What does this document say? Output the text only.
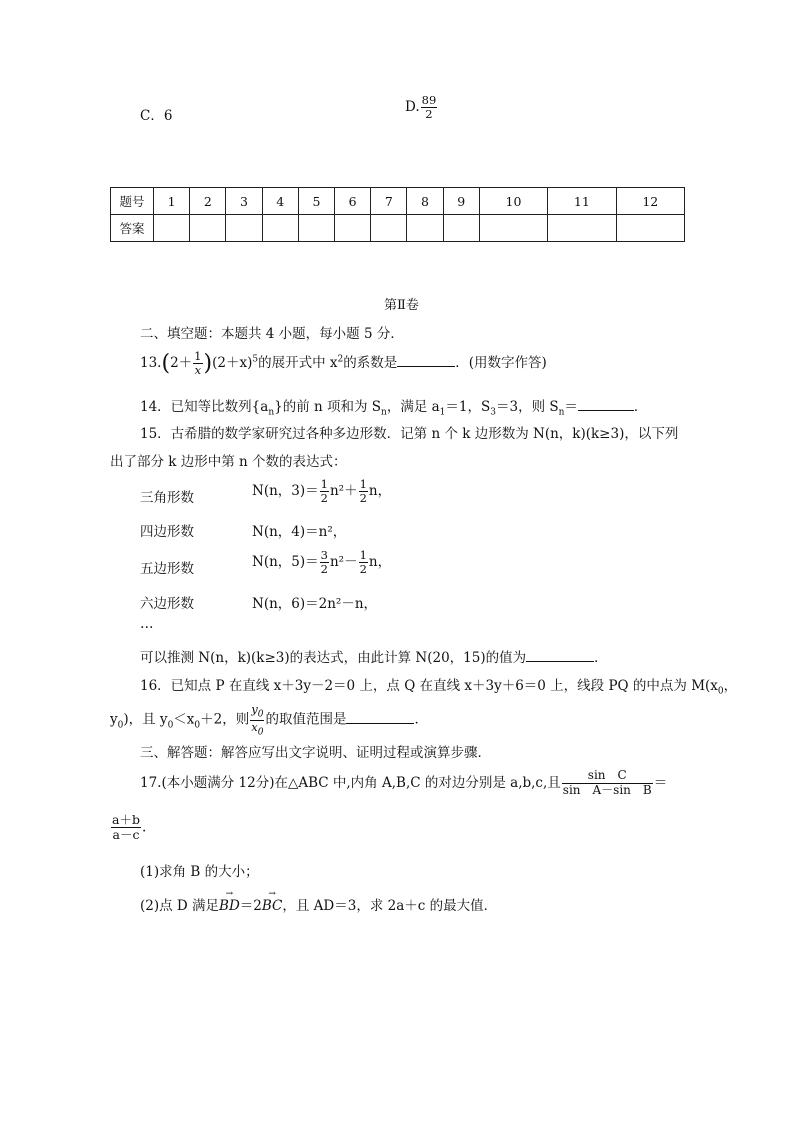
C．6
D. $\frac{89}{2}$
题号	1	2	3	4	5	6	7	8	9	10	11	12
答案												
第Ⅱ卷
二、填空题：本题共 4 小题，每小题 5 分．
$13.(2+ \frac{1}{x} )(2+x)^5$的展开式中 $x^2$的系数是	．(用数字作答)
14．已知等比数列$\{a_n\}$的前 n 项和为 $S_n$，满足 $a_1=1$，$S_3=3$，则 $S_n=$	．
15．古希腊的数学家研究过各种多边形数．记第 n 个 k 边形数为 N(n，k)(k≥3)，以下列
出了部分 k 边形中第 n 个数的表达式：
三角形数	N(n，$3)= \frac{1}{2} n^2+ \frac{1}{2}$ n，
四边形数	N(n，4)＝n²，
五边形数	N(n，$5)= \frac{3}{2} n^2- \frac{1}{2}$ n，
六边形数	N(n，6)＝2n²－n，
…
可以推测 N(n，k)(k≥3)的表达式，由此计算 N(20，15)的值为	．
16．已知点 P 在直线 x＋3y－2＝0 上，点 Q 在直线 x＋3y＋6＝0 上，线段 PQ 的中点为 $M(x_0$，
$y_0$)，且 $y_0<x_0+2$，则 $\frac{y_0}{x_0}$ 的取值范围是	．
三、解答题：解答应写出文字说明、证明过程或演算步骤．
17.(本小题满分 12分)在△ABC 中,内角 A,B,C 的对边分别是 a,b,c,且 $\frac{\text{sin　C}}{\text{sin　A－sin　B}}$ ＝
$\frac{a+b}{a-c}$ .
(1)求角 B 的大小；
(2)点 D 满足
→
BD＝2
→
BC，且 AD＝3，求 2a＋c 的最大值．
